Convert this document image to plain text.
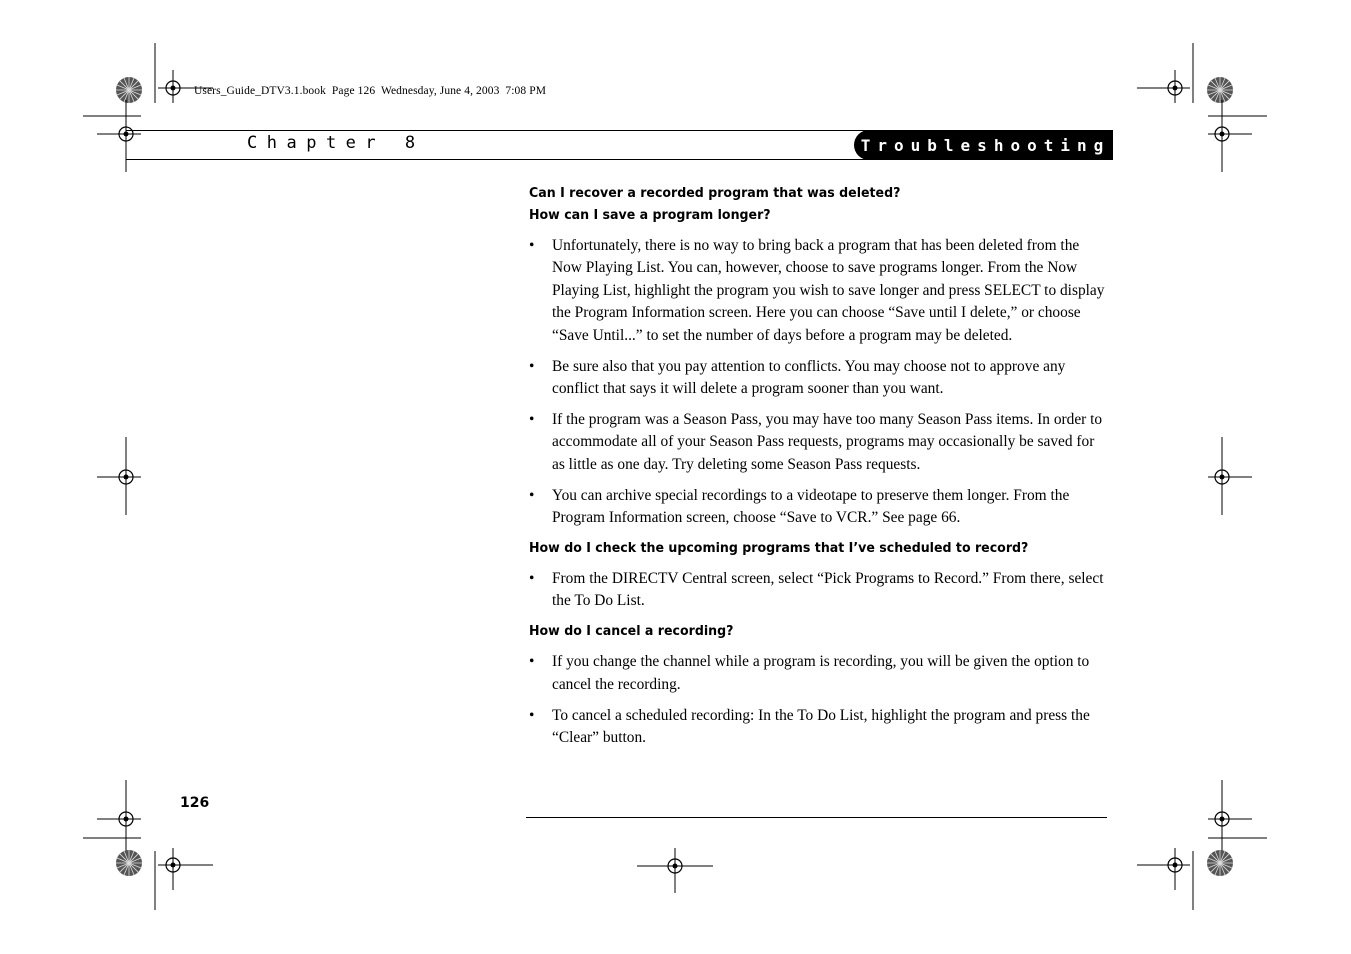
Users_Guide_DTV3.1.book  Page 126  Wednesday, June 4, 2003  7:08 PM
Chapter 8	Troubleshooting

Can I recover a recorded program that was deleted?

How can I save a program longer?

• Unfortunately, there is no way to bring back a program that has been deleted from the Now Playing List. You can, however, choose to save programs longer. From the Now Playing List, highlight the program you wish to save longer and press SELECT to display the Program Information screen. Here you can choose “Save until I delete,” or choose “Save Until...” to set the number of days before a program may be deleted.
• Be sure also that you pay attention to conflicts. You may choose not to approve any conflict that says it will delete a program sooner than you want.
• If the program was a Season Pass, you may have too many Season Pass items. In order to accommodate all of your Season Pass requests, programs may occasionally be saved for as little as one day. Try deleting some Season Pass requests.
• You can archive special recordings to a videotape to preserve them longer. From the Program Information screen, choose “Save to VCR.” See page 66.

How do I check the upcoming programs that I’ve scheduled to record?

• From the DIRECTV Central screen, select “Pick Programs to Record.” From there, select the To Do List.

How do I cancel a recording?

• If you change the channel while a program is recording, you will be given the option to cancel the recording.
• To cancel a scheduled recording: In the To Do List, highlight the program and press the “Clear” button.
126
